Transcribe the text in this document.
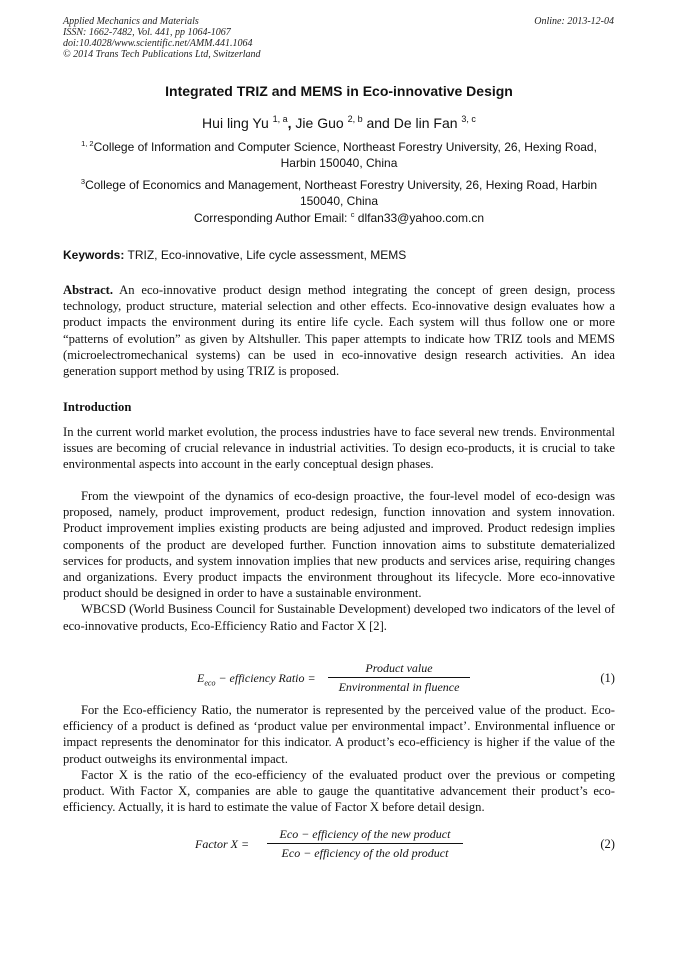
Applied Mechanics and Materials
ISSN: 1662-7482, Vol. 441, pp 1064-1067
doi:10.4028/www.scientific.net/AMM.441.1064
© 2014 Trans Tech Publications Ltd, Switzerland
Online: 2013-12-04
Integrated TRIZ and MEMS in Eco-innovative Design
Hui ling Yu $^{1, a}$, Jie Guo $^{2, b}$ and De lin Fan $^{3, c}$
$^{1, 2}$College of Information and Computer Science, Northeast Forestry University, 26, Hexing Road, Harbin 150040, China
$^3$College of Economics and Management, Northeast Forestry University, 26, Hexing Road, Harbin 150040, China
Corresponding Author Email: $^c$ dlfan33@yahoo.com.cn
Keywords: TRIZ, Eco-innovative, Life cycle assessment, MEMS
Abstract. An eco-innovative product design method integrating the concept of green design, process technology, product structure, material selection and other effects. Eco-innovative design evaluates how a product impacts the environment during its entire life cycle. Each system will thus follow one or more “patterns of evolution” as given by Altshuller. This paper attempts to indicate how TRIZ tools and MEMS (microelectromechanical systems) can be used in eco-innovative design research activities. An idea generation support method by using TRIZ is proposed.
Introduction

In the current world market evolution, the process industries have to face several new trends. Environmental issues are becoming of crucial relevance in industrial activities. To design eco-products, it is crucial to take environmental aspects into account in the early conceptual design phases.

From the viewpoint of the dynamics of eco-design proactive, the four-level model of eco-design was proposed, namely, product improvement, product redesign, function innovation and system innovation. Product improvement implies existing products are being adjusted and improved. Product redesign implies components of the product are developed further. Function innovation aims to substitute dematerialized services for products, and system innovation implies that new products and services arise, requiring changes and organizations. Every product impacts the environment throughout its lifecycle. More eco-innovative product should be designed in order to have a sustainable environment.

WBCSD (World Business Council for Sustainable Development) developed two indicators of the level of eco-innovative products, Eco-Efficiency Ratio and Factor X [2].

$E_{eco}$ − efficiency Ratio =
Product value
Environmental in fluence
(1)

For the Eco-efficiency Ratio, the numerator is represented by the perceived value of the product. Eco-efficiency of a product is defined as ‘product value per environmental impact’. Environmental influence or impact represents the denominator for this indicator. A product’s eco-efficiency is higher if the value of the product outweighs its environmental impact.

Factor X is the ratio of the eco-efficiency of the evaluated product over the previous or competing product. With Factor X, companies are able to gauge the quantitative advancement their product’s eco-efficiency. Actually, it is hard to estimate the value of Factor X before detail design.

Factor X =
Eco − efficiency of the new product
Eco − efficiency of the old product
(2)
